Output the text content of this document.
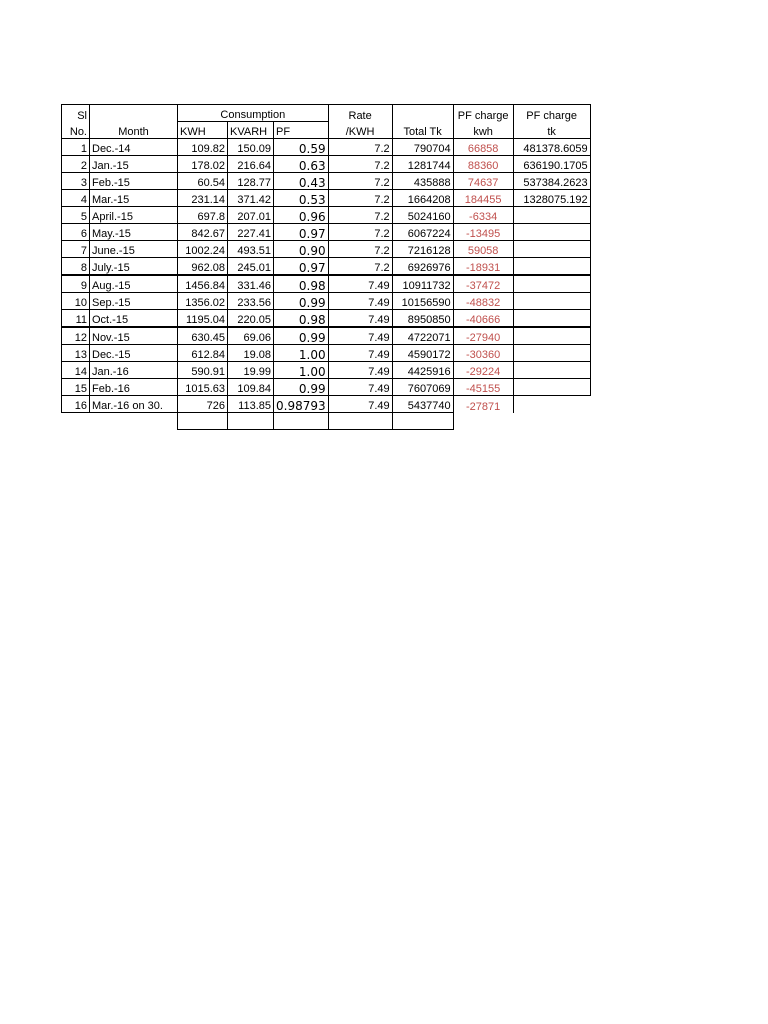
Sl		Consumption			Rate		PF charge	PF charge
No.	Month	KWH	KVARH	PF	/KWH	Total Tk	kwh	tk
1	Dec.-14	109.82	150.09	0.59	7.2	790704	66858	481378.6059
2	Jan.-15	178.02	216.64	0.63	7.2	1281744	88360	636190.1705
3	Feb.-15	60.54	128.77	0.43	7.2	435888	74637	537384.2623
4	Mar.-15	231.14	371.42	0.53	7.2	1664208	184455	1328075.192
5	April.-15	697.8	207.01	0.96	7.2	5024160	-6334	
6	May.-15	842.67	227.41	0.97	7.2	6067224	-13495	
7	June.-15	1002.24	493.51	0.90	7.2	7216128	59058	
8	July.-15	962.08	245.01	0.97	7.2	6926976	-18931	
9	Aug.-15	1456.84	331.46	0.98	7.49	10911732	-37472	
10	Sep.-15	1356.02	233.56	0.99	7.49	10156590	-48832	
11	Oct.-15	1195.04	220.05	0.98	7.49	8950850	-40666	
12	Nov.-15	630.45	69.06	0.99	7.49	4722071	-27940	
13	Dec.-15	612.84	19.08	1.00	7.49	4590172	-30360	
14	Jan.-16	590.91	19.99	1.00	7.49	4425916	-29224	
15	Feb.-16	1015.63	109.84	0.99	7.49	7607069	-45155	
16	Mar.-16 on 30.	726	113.85	0.98793	7.49	5437740	-27871	
